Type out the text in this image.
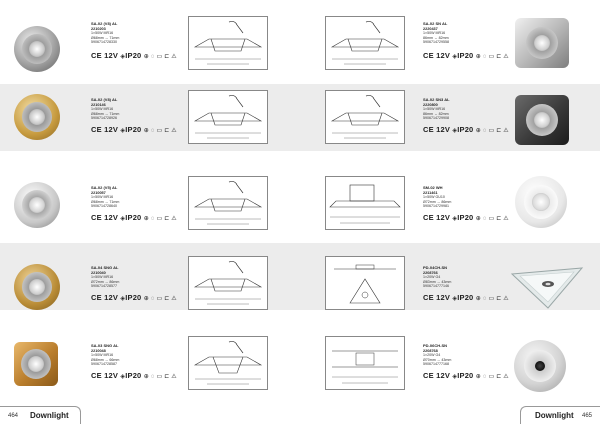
SA-02 (V8) AL
2210203
1×50W MR16
Ø68mm ↔ 71mm
5906714728330
CE 12V ◈IP20 ⊕ ◌ ▭ ⊏ ⚠
SA-02 (V8) AL
2210146
1×50W MR16
Ø68mm ↔ 71mm
5906714728926
CE 12V ◈IP20 ⊕ ◌ ▭ ⊏ ⚠
SA-02 (V5) AL
2210057
1×50W MR16
Ø68mm ↔ 71mm
5906714728640
CE 12V ◈IP20 ⊕ ◌ ▭ ⊏ ⚠
SA-04 SNG AL
2210040
1×50W MR16
Ø72mm ↔ 86mm
5906714728577
CE 12V ◈IP20 ⊕ ◌ ▭ ⊏ ⚠
SA-03 SNG AL
2210048
1×50W MR16
Ø68mm ↔ 66mm
5906714728587
CE 12V ◈IP20 ⊕ ◌ ▭ ⊏ ⚠
SA-02 SN AL
2220437
1×50W MR16
86mm ↔ 82mm
5906714729558
CE 12V ◈IP20 ⊕ ◌ ▭ ⊏ ⚠
SA-02 SN3 AL
2220800
1×50W MR16
86mm ↔ 82mm
5906714729908
CE 12V ◈IP20 ⊕ ◌ ▭ ⊏ ⚠
SM-02 WH
2211461
1×50W GU10
Ø72mm ↔ 86mm
5906714729981
CE 12V ◈IP20 ⊕ ◌ ▭ ⊏ ⚠
PD-04CH-SN
2208766
1×20W G4
Ø83mm ↔ 43mm
5906714777146
CE 12V ◈IP20 ⊕ ◌ ▭ ⊏ ⚠
PD-06CH-SN
2208768
1×20W G4
Ø70mm ↔ 43mm
5906714777168
CE 12V ◈IP20 ⊕ ◌ ▭ ⊏ ⚠
464 Downlight	Downlight 465
